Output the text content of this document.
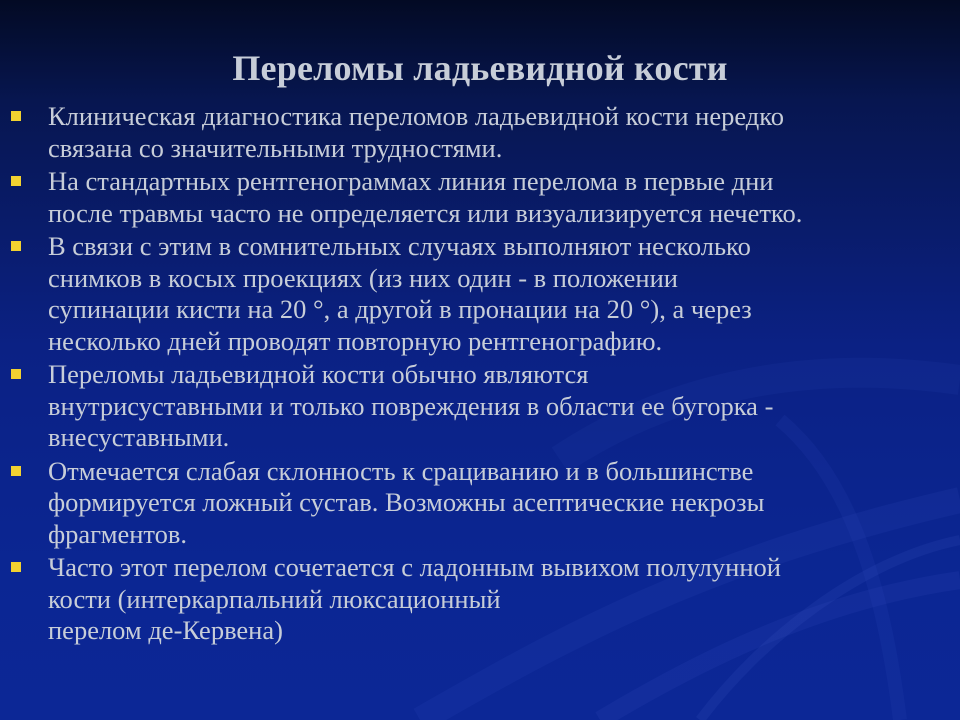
Переломы ладьевидной кости
Клиническая диагностика переломов ладьевидной кости нередко
связана со значительными трудностями.
На стандартных рентгенограммах линия перелома в первые дни
после травмы часто не определяется или визуализируется нечетко.
В связи с этим в сомнительных случаях выполняют несколько
снимков в косых проекциях (из них один - в положении
супинации кисти на 20 °, а другой в пронации на 20 °), а через
несколько дней проводят повторную рентгенографию.
Переломы ладьевидной кости обычно являются
внутрисуставными и только повреждения в области ее бугорка -
внесуставными.
Отмечается слабая склонность к срациванию и в большинстве
формируется ложный сустав. Возможны асептические некрозы
фрагментов.
Часто этот перелом сочетается с ладонным вывихом полулунной
кости (интеркарпальний люксационный
перелом де-Кервена)
